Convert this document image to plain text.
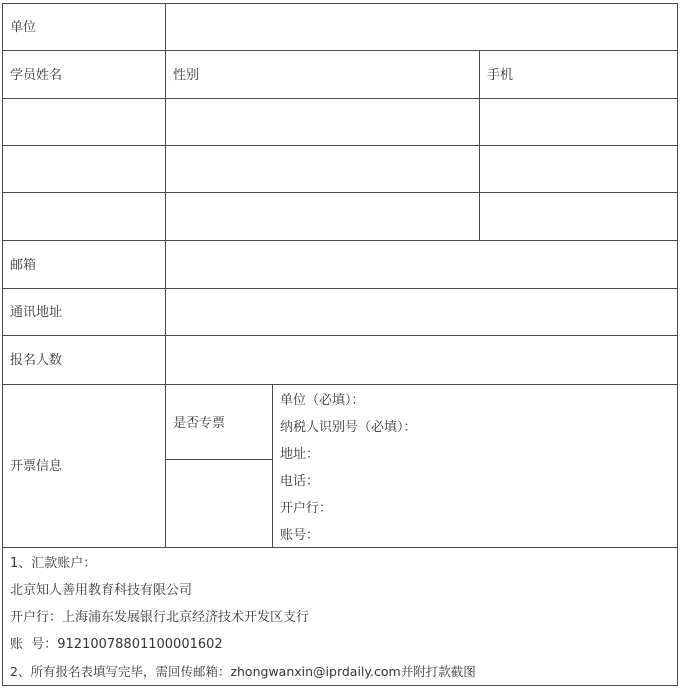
单位
学员姓名	性别	手机
邮箱
通讯地址
报名人数
开票信息
是否专票
单位（必填）：
纳税人识别号（必填）：
地址：
电话：
开户行：
账号：
1、汇款账户：
北京知人善用教育科技有限公司
开户行：上海浦东发展银行北京经济技术开发区支行
账  号：91210078801100001602
2、所有报名表填写完毕，需回传邮箱：zhongwanxin@iprdaily.com并附打款截图
